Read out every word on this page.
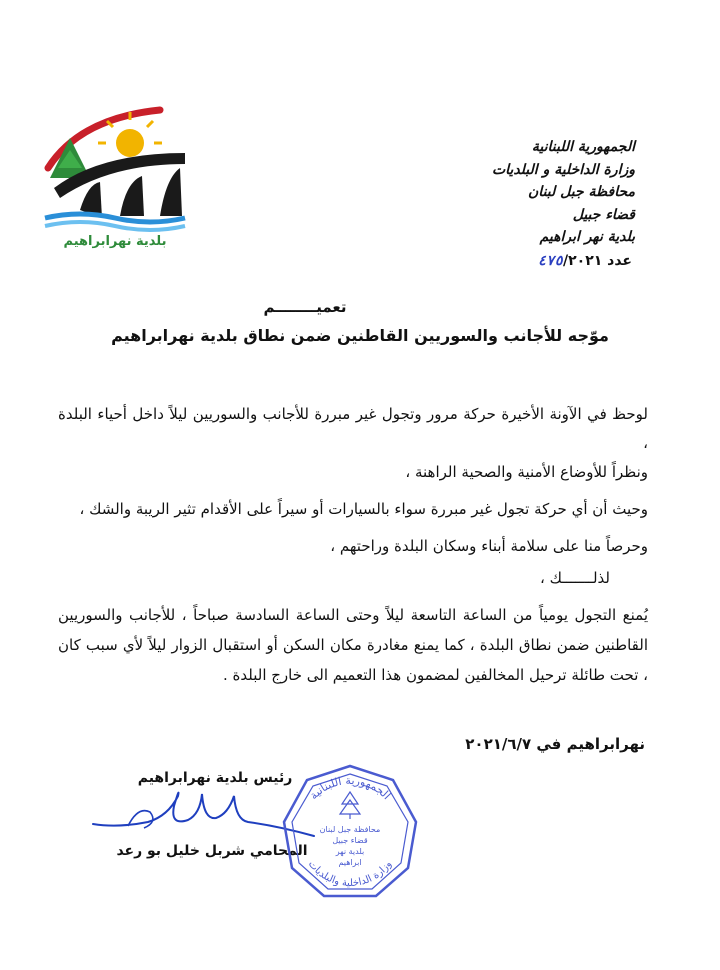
بلدية نهرابراهيم
الجمهورية اللبنانية
وزارة الداخلية و البلديات
محافظة جبل لبنان
قضاء جبيل
بلدية نهر ابراهيم
عدد ٤٧٥/٢٠٢١
تعميــــــــم
موّجه للأجانب والسوريين القاطنين ضمن نطاق بلدية نهرابراهيم
لوحظ في الآونة الأخيرة حركة مرور وتجول غير مبررة للأجانب والسوريين ليلاً داخل أحياء البلدة ،
ونظراً للأوضاع الأمنية والصحية الراهنة ،
وحيث أن أي حركة تجول غير مبررة سواء بالسيارات أو سيراً على الأقدام تثير الريبة والشك ،
وحرصاً منا على سلامة أبناء وسكان البلدة وراحتهم ،
لذلـــــــك ،
يُمنع التجول يومياً من الساعة التاسعة ليلاً وحتى الساعة السادسة صباحاً ، للأجانب والسوريين القاطنين ضمن نطاق البلدة ، كما يمنع مغادرة مكان السكن أو استقبال الزوار ليلاً لأي سبب كان ، تحت طائلة ترحيل المخالفين لمضمون هذا التعميم الى خارج البلدة .
نهرابراهيم في ٢٠٢١/٦/٧
رئيس بلدية نهرابراهيم
المحامي شربل خليل بو رعد
الجمهورية اللبنانية
وزارة الداخلية والبلديات
محافظة جبل لبنان
قضاء جبيل
بلدية نهر
ابراهيم
